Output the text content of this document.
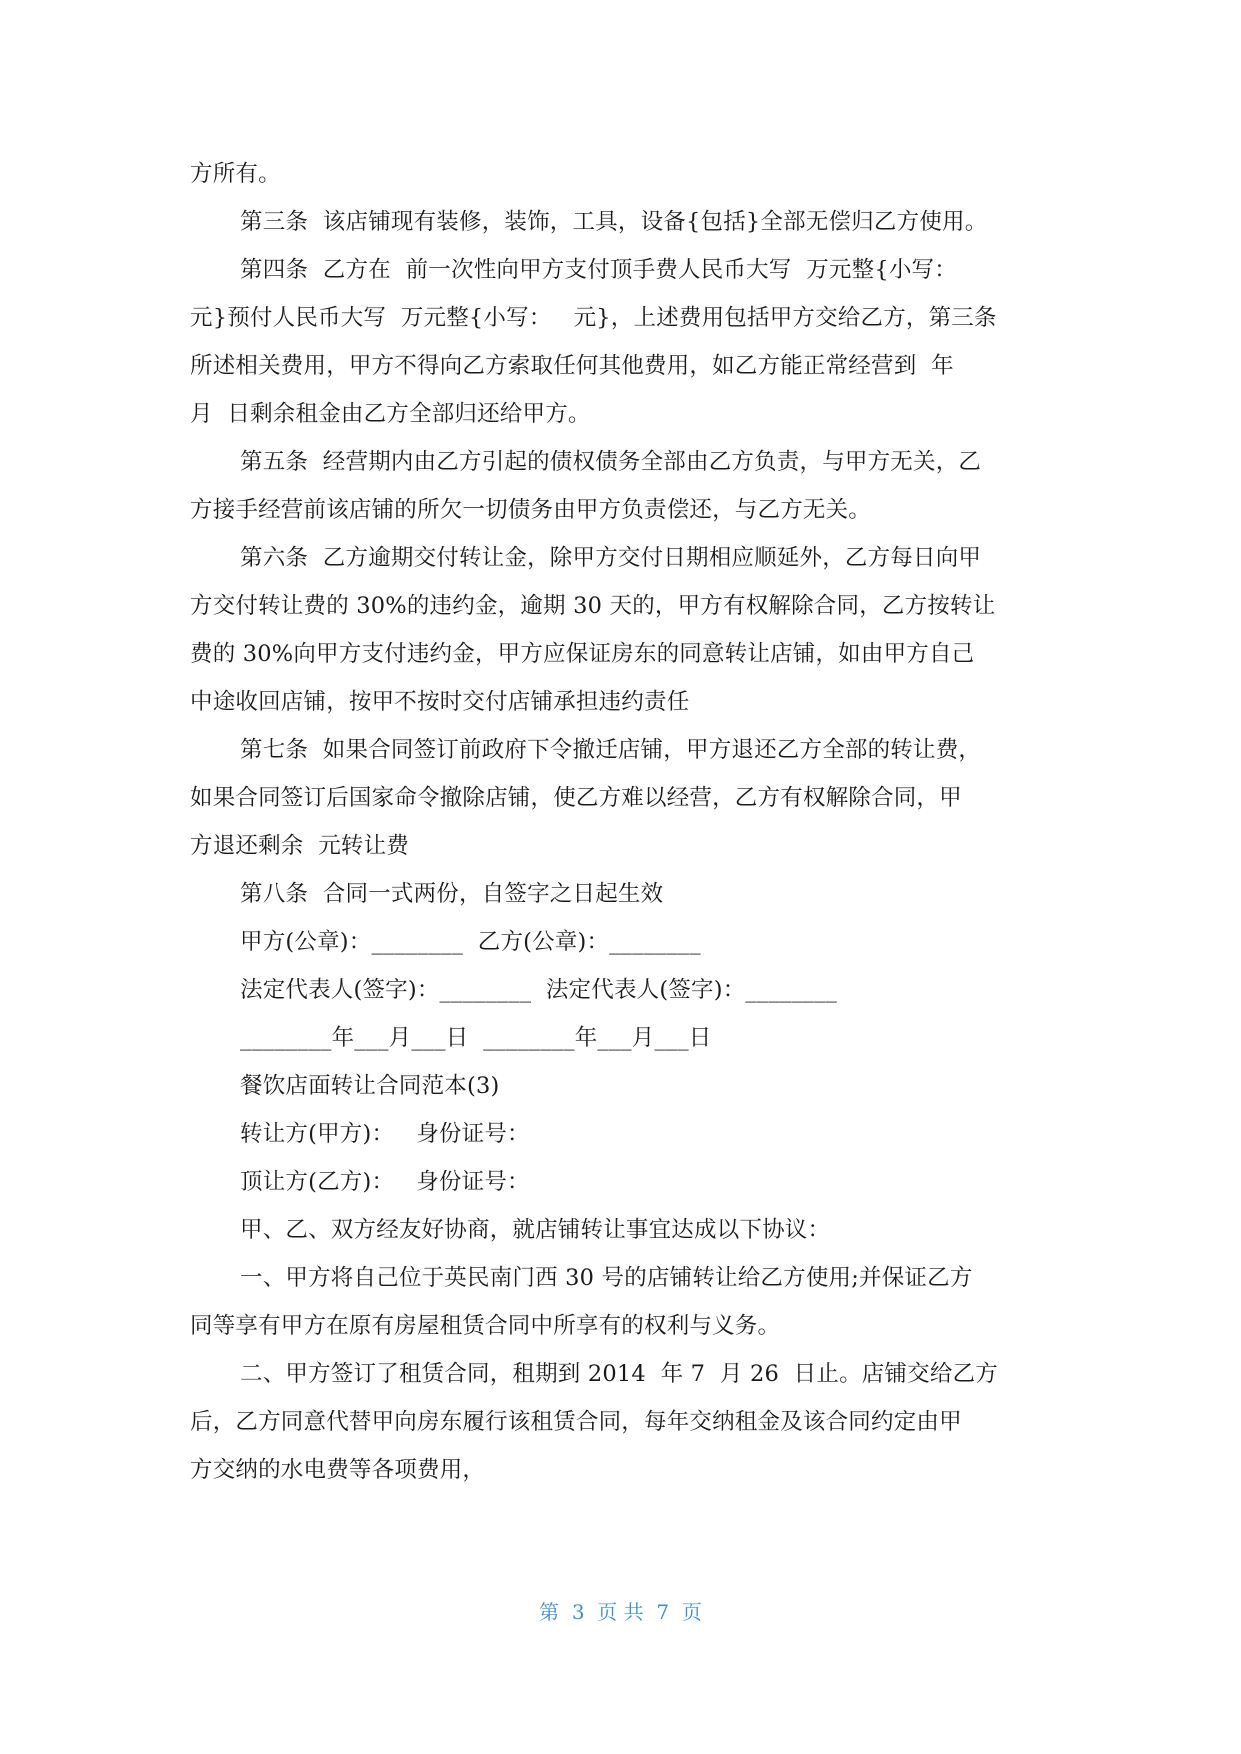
方所有。
第三条  该店铺现有装修，装饰，工具，设备{包括}全部无偿归乙方使用。
第四条  乙方在  前一次性向甲方支付顶手费人民币大写  万元整{小写：
元}预付人民币大写  万元整{小写：   元}，上述费用包括甲方交给乙方，第三条
所述相关费用，甲方不得向乙方索取任何其他费用，如乙方能正常经营到  年
月  日剩余租金由乙方全部归还给甲方。
第五条  经营期内由乙方引起的债权债务全部由乙方负责，与甲方无关，乙
方接手经营前该店铺的所欠一切债务由甲方负责偿还，与乙方无关。
第六条  乙方逾期交付转让金，除甲方交付日期相应顺延外，乙方每日向甲
方交付转让费的 30%的违约金，逾期 30 天的，甲方有权解除合同，乙方按转让
费的 30%向甲方支付违约金，甲方应保证房东的同意转让店铺，如由甲方自己
中途收回店铺，按甲不按时交付店铺承担违约责任
第七条  如果合同签订前政府下令撤迁店铺，甲方退还乙方全部的转让费，
如果合同签订后国家命令撤除店铺，使乙方难以经营，乙方有权解除合同，甲
方退还剩余  元转让费
第八条  合同一式两份，自签字之日起生效
甲方(公章)：________  乙方(公章)：________
法定代表人(签字)：________  法定代表人(签字)：________
________年___月___日  ________年___月___日
餐饮店面转让合同范本(3)
转让方(甲方)：   身份证号：
顶让方(乙方)：   身份证号：
甲、乙、双方经友好协商，就店铺转让事宜达成以下协议：
一、甲方将自己位于英民南门西 30 号的店铺转让给乙方使用;并保证乙方
同等享有甲方在原有房屋租赁合同中所享有的权利与义务。
二、甲方签订了租赁合同，租期到 2014  年 7  月 26  日止。店铺交给乙方
后，乙方同意代替甲向房东履行该租赁合同，每年交纳租金及该合同约定由甲
方交纳的水电费等各项费用，
第  3  页 共  7  页
